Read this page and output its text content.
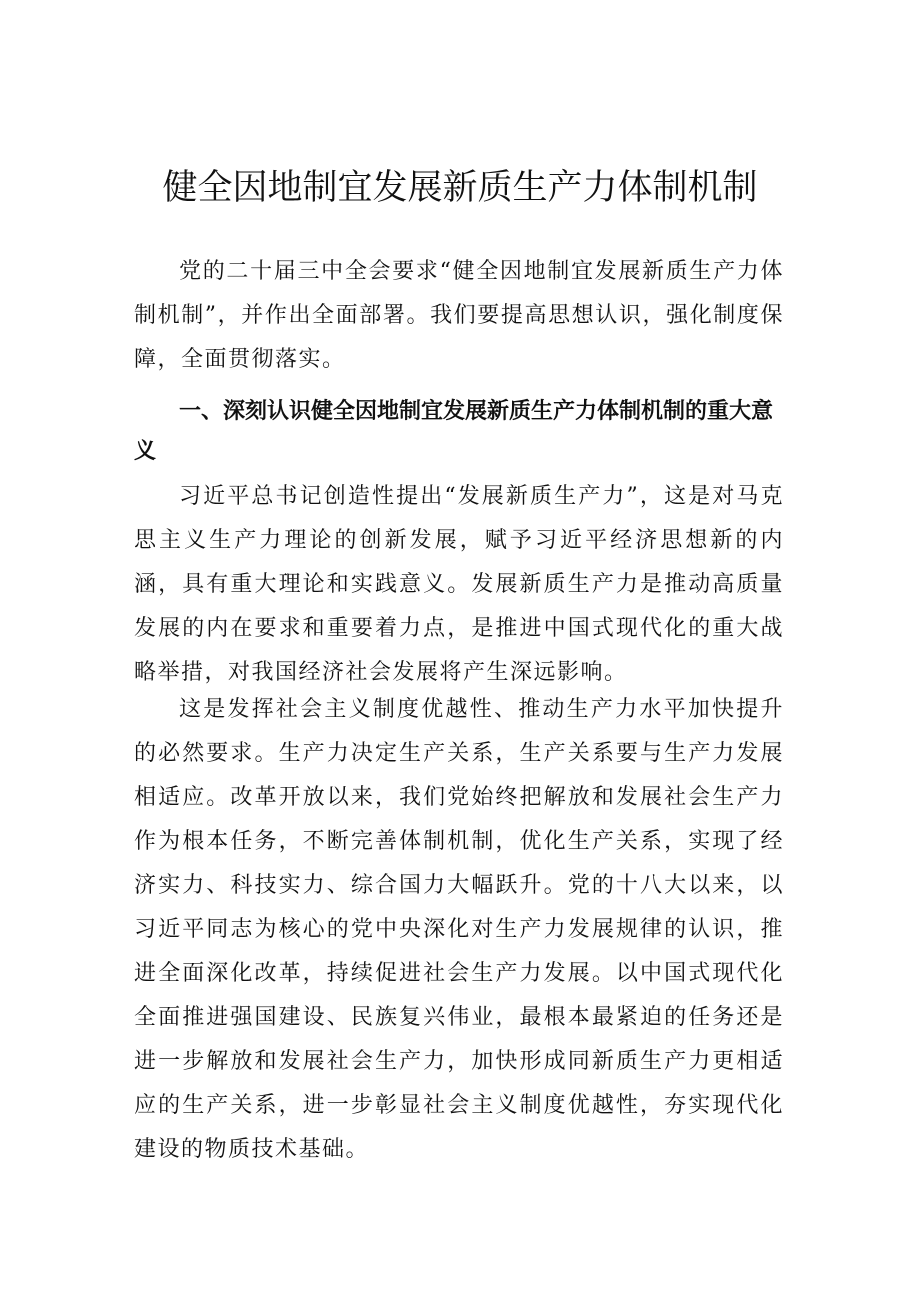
健全因地制宜发展新质生产力体制机制

党的二十届三中全会要求“健全因地制宜发展新质生产力体制机制”，并作出全面部署。我们要提高思想认识，强化制度保障，全面贯彻落实。

一、深刻认识健全因地制宜发展新质生产力体制机制的重大意义

习近平总书记创造性提出“发展新质生产力”，这是对马克思主义生产力理论的创新发展，赋予习近平经济思想新的内涵，具有重大理论和实践意义。发展新质生产力是推动高质量发展的内在要求和重要着力点，是推进中国式现代化的重大战略举措，对我国经济社会发展将产生深远影响。

这是发挥社会主义制度优越性、推动生产力水平加快提升的必然要求。生产力决定生产关系，生产关系要与生产力发展相适应。改革开放以来，我们党始终把解放和发展社会生产力作为根本任务，不断完善体制机制，优化生产关系，实现了经济实力、科技实力、综合国力大幅跃升。党的十八大以来，以习近平同志为核心的党中央深化对生产力发展规律的认识，推进全面深化改革，持续促进社会生产力发展。以中国式现代化全面推进强国建设、民族复兴伟业，最根本最紧迫的任务还是进一步解放和发展社会生产力，加快形成同新质生产力更相适应的生产关系，进一步彰显社会主义制度优越性，夯实现代化建设的物质技术基础。
